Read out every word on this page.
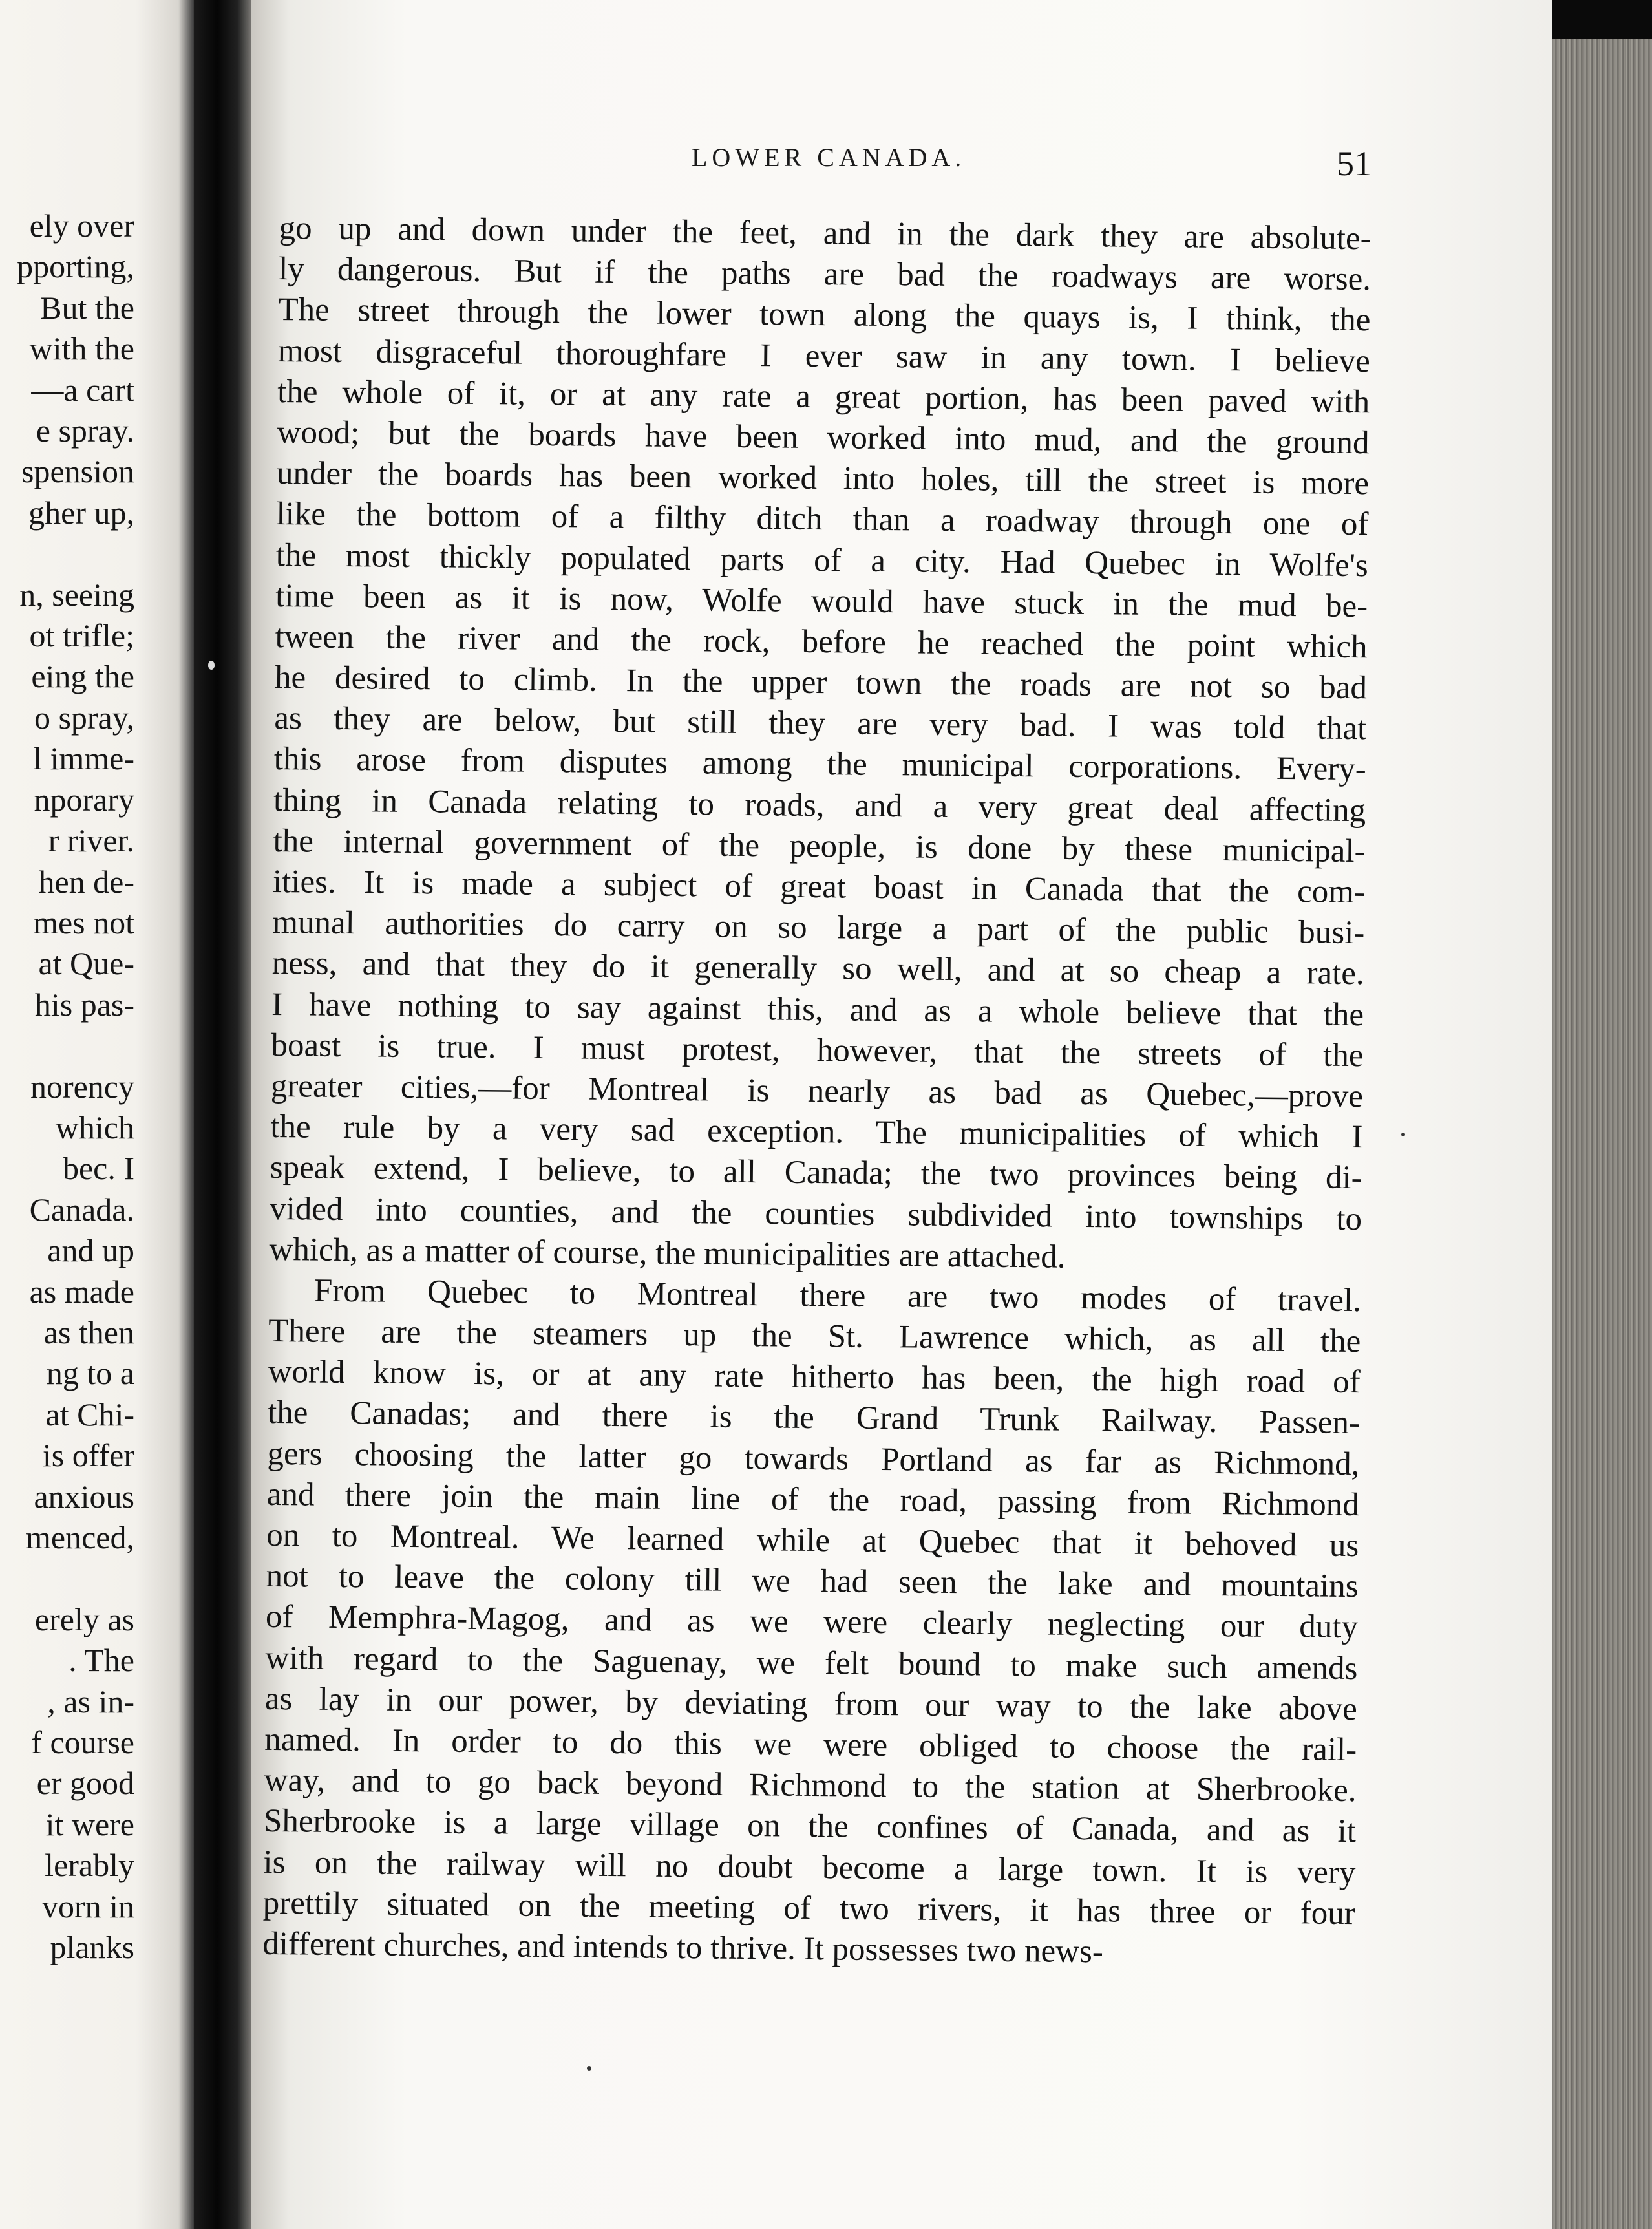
ely over
pporting,
But the
with the
—a cart
e spray.
spension
gher up,

n, seeing
ot trifle;
eing the
o spray,
l imme-
nporary
r river.
hen de-
mes not
at Que-
his pas-

norency
which
bec. I
Canada.
and up
as made
as then
ng to a
at Chi-
is offer
anxious
menced,

erely as
. The
, as in-
f course
er good
it were
lerably
vorn in
planks
LOWER CANADA.	51
go up and down under the feet, and in the dark they are absolute-
ly dangerous. But if the paths are bad the roadways are worse.
The street through the lower town along the quays is, I think, the
most disgraceful thoroughfare I ever saw in any town. I believe
the whole of it, or at any rate a great portion, has been paved with
wood; but the boards have been worked into mud, and the ground
under the boards has been worked into holes, till the street is more
like the bottom of a filthy ditch than a roadway through one of
the most thickly populated parts of a city. Had Quebec in Wolfe's
time been as it is now, Wolfe would have stuck in the mud be-
tween the river and the rock, before he reached the point which
he desired to climb. In the upper town the roads are not so bad
as they are below, but still they are very bad. I was told that
this arose from disputes among the municipal corporations. Every-
thing in Canada relating to roads, and a very great deal affecting
the internal government of the people, is done by these municipal-
ities. It is made a subject of great boast in Canada that the com-
munal authorities do carry on so large a part of the public busi-
ness, and that they do it generally so well, and at so cheap a rate.
I have nothing to say against this, and as a whole believe that the
boast is true. I must protest, however, that the streets of the
greater cities,—for Montreal is nearly as bad as Quebec,—prove
the rule by a very sad exception. The municipalities of which I
speak extend, I believe, to all Canada; the two provinces being di-
vided into counties, and the counties subdivided into townships to
which, as a matter of course, the municipalities are attached.
From Quebec to Montreal there are two modes of travel.
There are the steamers up the St. Lawrence which, as all the
world know is, or at any rate hitherto has been, the high road of
the Canadas; and there is the Grand Trunk Railway. Passen-
gers choosing the latter go towards Portland as far as Richmond,
and there join the main line of the road, passing from Richmond
on to Montreal. We learned while at Quebec that it behoved us
not to leave the colony till we had seen the lake and mountains
of Memphra-Magog, and as we were clearly neglecting our duty
with regard to the Saguenay, we felt bound to make such amends
as lay in our power, by deviating from our way to the lake above
named. In order to do this we were obliged to choose the rail-
way, and to go back beyond Richmond to the station at Sherbrooke.
Sherbrooke is a large village on the confines of Canada, and as it
is on the railway will no doubt become a large town. It is very
prettily situated on the meeting of two rivers, it has three or four
different churches, and intends to thrive. It possesses two news-
